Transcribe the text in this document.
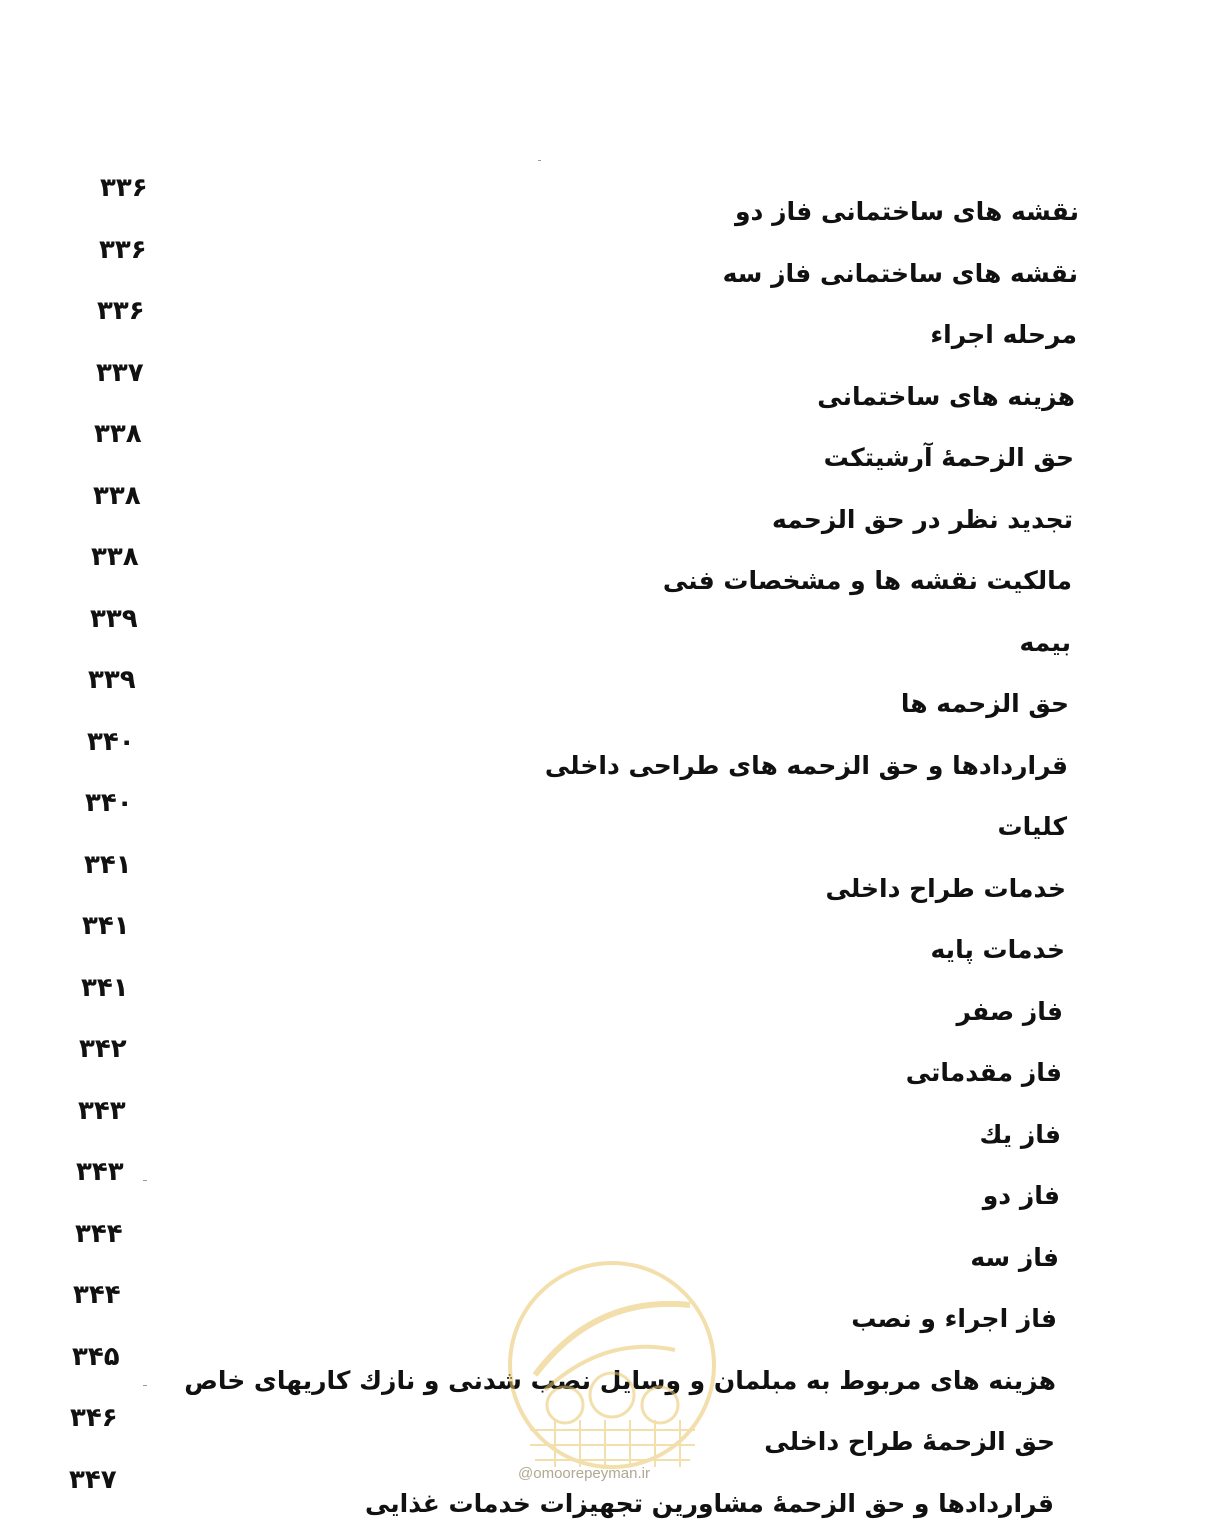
نقشه های ساختمانی فاز دو
۳۳۶
نقشه های ساختمانی فاز سه
۳۳۶
مرحله اجراء
۳۳۶
هزینه های ساختمانی
۳۳۷
حق الزحمهٔ آرشیتکت
۳۳۸
تجدید نظر در حق الزحمه
۳۳۸
مالکیت نقشه ها و مشخصات فنی
۳۳۸
بیمه
۳۳۹
حق الزحمه ها
۳۳۹
قراردادها و حق الزحمه های طراحی داخلی
۳۴۰
کلیات
۳۴۰
خدمات طراح داخلی
۳۴۱
خدمات پایه
۳۴۱
فاز صفر
۳۴۱
فاز مقدماتی
۳۴۲
فاز یك
۳۴۳
فاز دو
۳۴۳
فاز سه
۳۴۴
فاز اجراء و نصب
۳۴۴
هزینه های مربوط به مبلمان و وسایل نصب شدنی و نازك كاریهای خاص
۳۴۵
حق الزحمهٔ طراح داخلی
۳۴۶
قراردادها و حق الزحمهٔ مشاورین تجهیزات خدمات غذایی
۳۴۷	@omoorepeyman.ir
